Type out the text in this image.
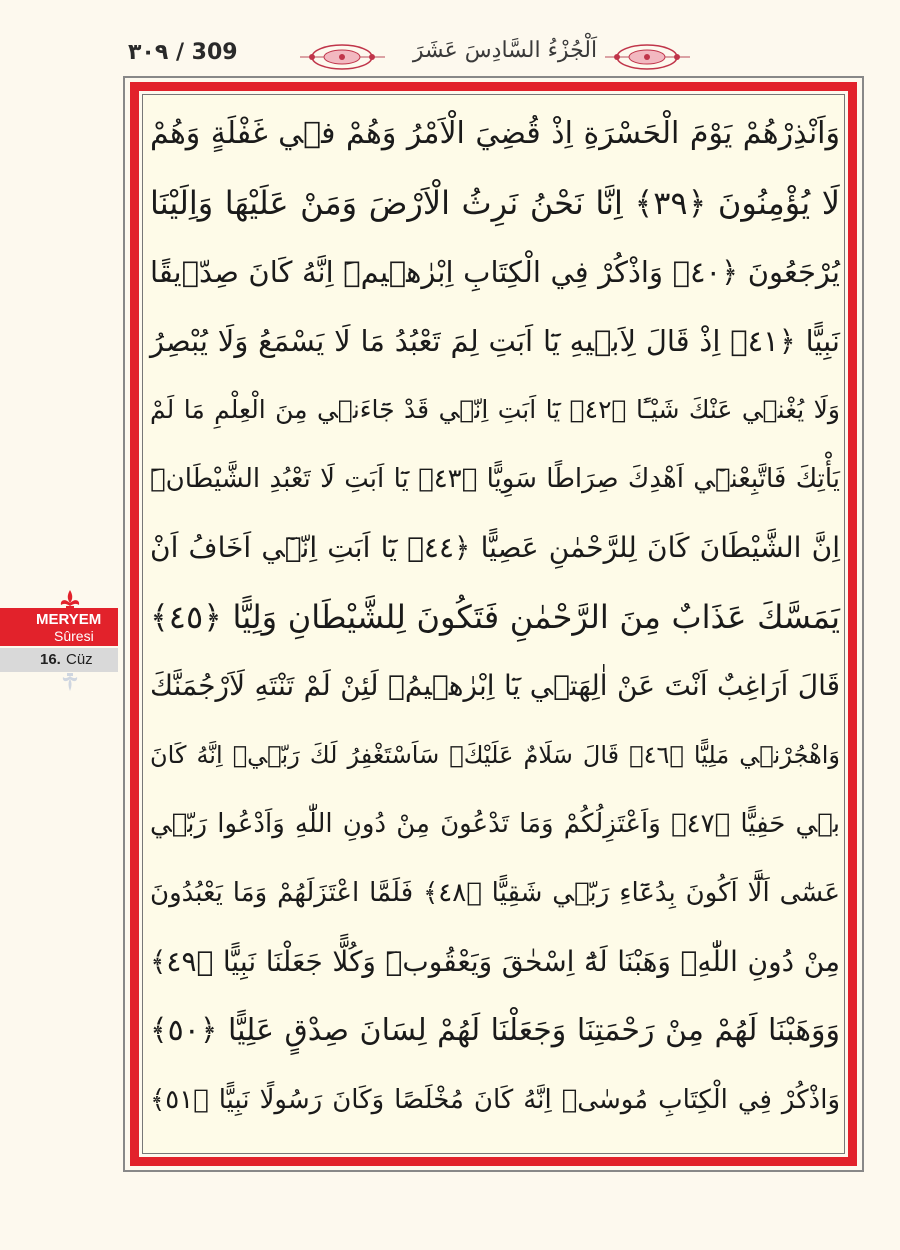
٣٠٩ / 309	اَلْجُزْءُ السَّادِسَ عَشَرَ
وَاَنْذِرْهُمْ يَوْمَ الْحَسْرَةِ اِذْ قُضِيَ الْاَمْرُ وَهُمْ ف۪ي غَفْلَةٍ وَهُمْ
لَا يُؤْمِنُونَ ﴿٣٩﴾ اِنَّا نَحْنُ نَرِثُ الْاَرْضَ وَمَنْ عَلَيْهَا وَاِلَيْنَا
يُرْجَعُونَ ﴿٤٠﴾ وَاذْكُرْ فِي الْكِتَابِ اِبْرٰه۪يمَۜ اِنَّهُ كَانَ صِدّ۪يقًا
نَبِيًّا ﴿٤١﴾ اِذْ قَالَ لِاَب۪يهِ يَٓا اَبَتِ لِمَ تَعْبُدُ مَا لَا يَسْمَعُ وَلَا يُبْصِرُ
وَلَا يُغْن۪ي عَنْكَ شَيْـًٔا ﴿٤٢﴾ يَٓا اَبَتِ اِنّ۪ي قَدْ جَٓاءَن۪ي مِنَ الْعِلْمِ مَا لَمْ
يَأْتِكَ فَاتَّبِعْن۪ٓي اَهْدِكَ صِرَاطًا سَوِيًّا ﴿٤٣﴾ يَٓا اَبَتِ لَا تَعْبُدِ الشَّيْطَانَۜ
اِنَّ الشَّيْطَانَ كَانَ لِلرَّحْمٰنِ عَصِيًّا ﴿٤٤﴾ يَٓا اَبَتِ اِنّ۪ٓي اَخَافُ اَنْ
يَمَسَّكَ عَذَابٌ مِنَ الرَّحْمٰنِ فَتَكُونَ لِلشَّيْطَانِ وَلِيًّا ﴿٤٥﴾
قَالَ اَرَاغِبٌ اَنْتَ عَنْ اٰلِهَت۪ي يَٓا اِبْرٰه۪يمُۚ لَئِنْ لَمْ تَنْتَهِ لَاَرْجُمَنَّكَ
وَاهْجُرْن۪ي مَلِيًّا ﴿٤٦﴾ قَالَ سَلَامٌ عَلَيْكَۚ سَاَسْتَغْفِرُ لَكَ رَبّ۪يۜ اِنَّهُ كَانَ
ب۪ي حَفِيًّا ﴿٤٧﴾ وَاَعْتَزِلُكُمْ وَمَا تَدْعُونَ مِنْ دُونِ اللّٰهِ وَاَدْعُوا رَبّ۪ي
عَسٰٓى اَلَّٓا اَكُونَ بِدُعَٓاءِ رَبّ۪ي شَقِيًّا ﴿٤٨﴾ فَلَمَّا اعْتَزَلَهُمْ وَمَا يَعْبُدُونَ
مِنْ دُونِ اللّٰهِۙ وَهَبْنَا لَهُٓ اِسْحٰقَ وَيَعْقُوبَۜ وَكُلًّا جَعَلْنَا نَبِيًّا ﴿٤٩﴾
وَوَهَبْنَا لَهُمْ مِنْ رَحْمَتِنَا وَجَعَلْنَا لَهُمْ لِسَانَ صِدْقٍ عَلِيًّا ﴿٥٠﴾
وَاذْكُرْ فِي الْكِتَابِ مُوسٰىۘ اِنَّهُ كَانَ مُخْلَصًا وَكَانَ رَسُولًا نَبِيًّا ﴿٥١﴾
MERYEM
Sûresi
16. Cüz
